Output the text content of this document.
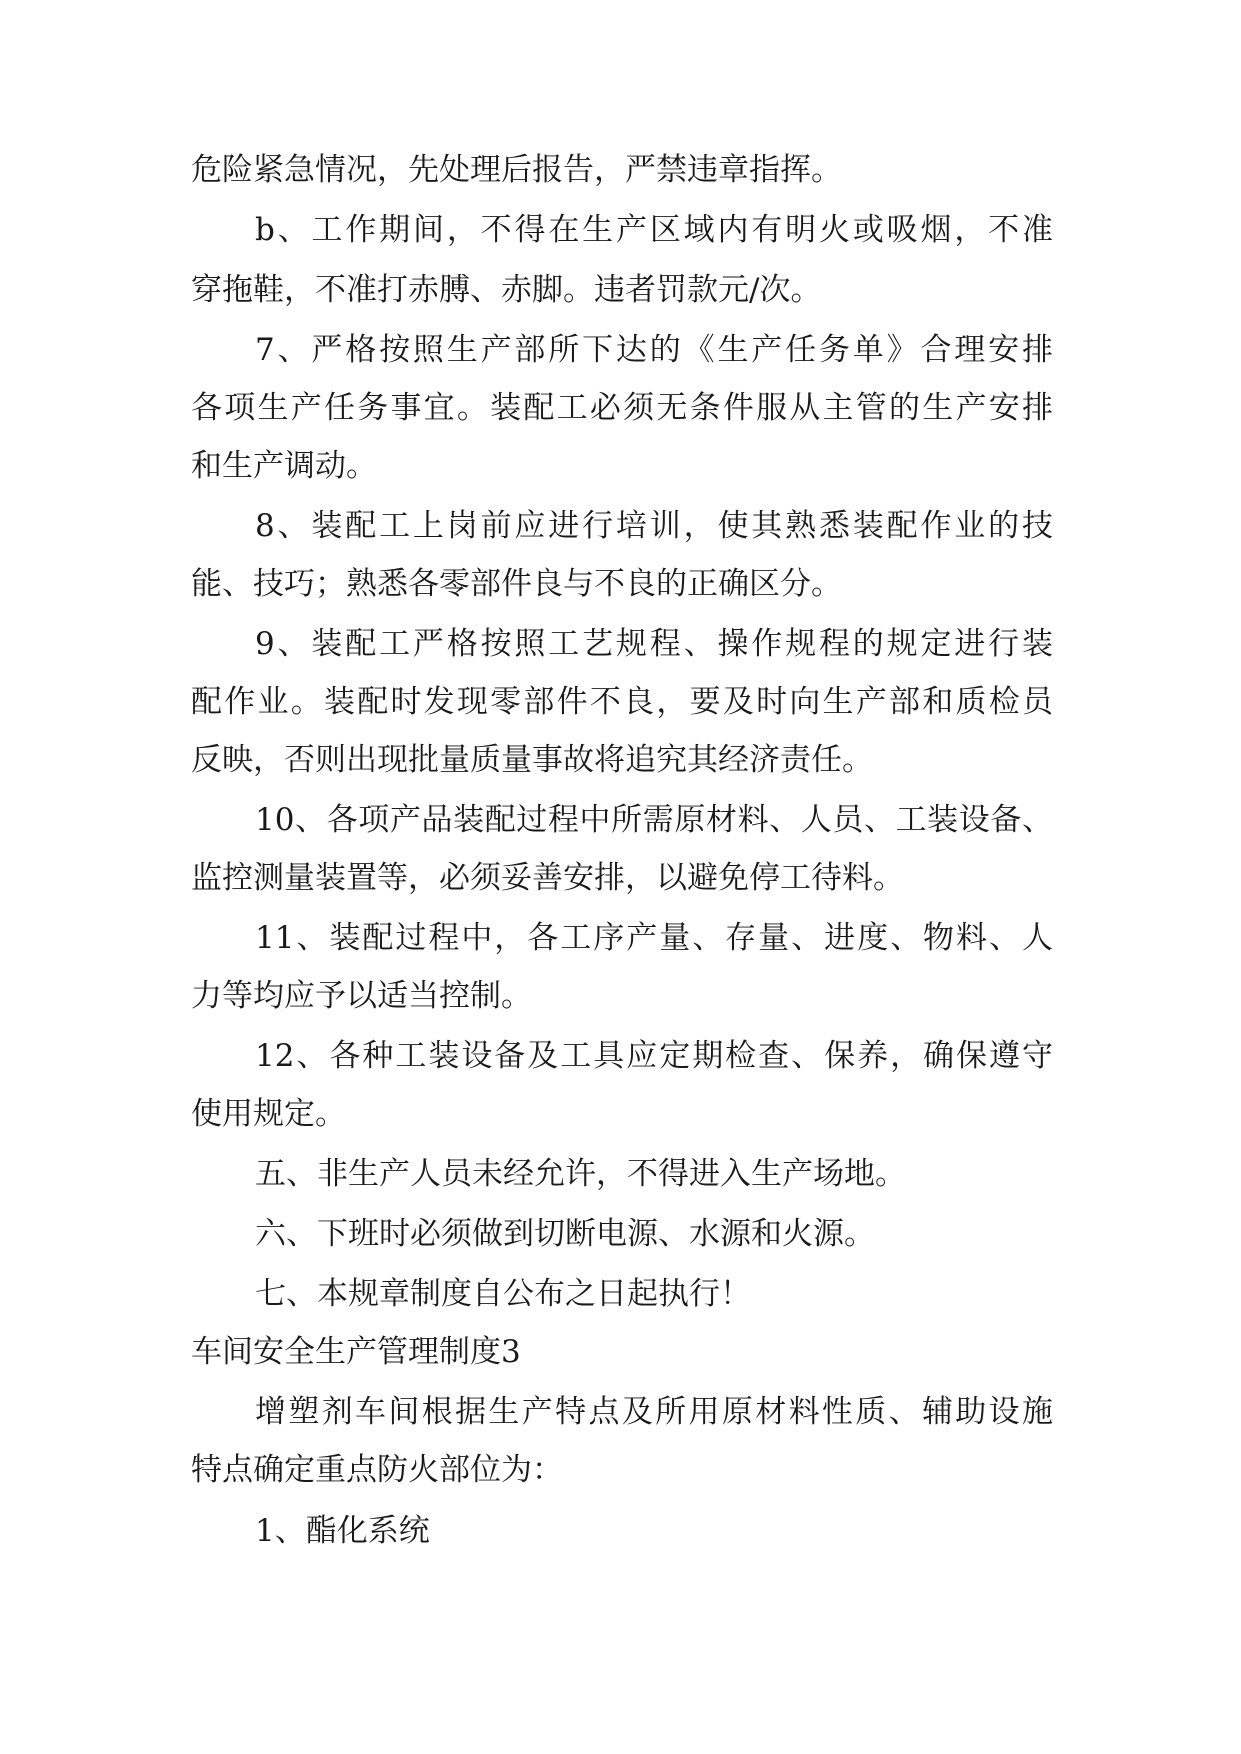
危险紧急情况，先处理后报告，严禁违章指挥。
b、工作期间，不得在生产区域内有明火或吸烟，不准
穿拖鞋，不准打赤膊、赤脚。违者罚款元/次。
7、严格按照生产部所下达的《生产任务单》合理安排
各项生产任务事宜。装配工必须无条件服从主管的生产安排
和生产调动。
8、装配工上岗前应进行培训，使其熟悉装配作业的技
能、技巧；熟悉各零部件良与不良的正确区分。
9、装配工严格按照工艺规程、操作规程的规定进行装
配作业。装配时发现零部件不良，要及时向生产部和质检员
反映，否则出现批量质量事故将追究其经济责任。
10、各项产品装配过程中所需原材料、人员、工装设备、
监控测量装置等，必须妥善安排，以避免停工待料。
11、装配过程中，各工序产量、存量、进度、物料、人
力等均应予以适当控制。
12、各种工装设备及工具应定期检查、保养，确保遵守
使用规定。
五、非生产人员未经允许，不得进入生产场地。
六、下班时必须做到切断电源、水源和火源。
七、本规章制度自公布之日起执行！
车间安全生产管理制度3
增塑剂车间根据生产特点及所用原材料性质、辅助设施
特点确定重点防火部位为：
1、酯化系统
